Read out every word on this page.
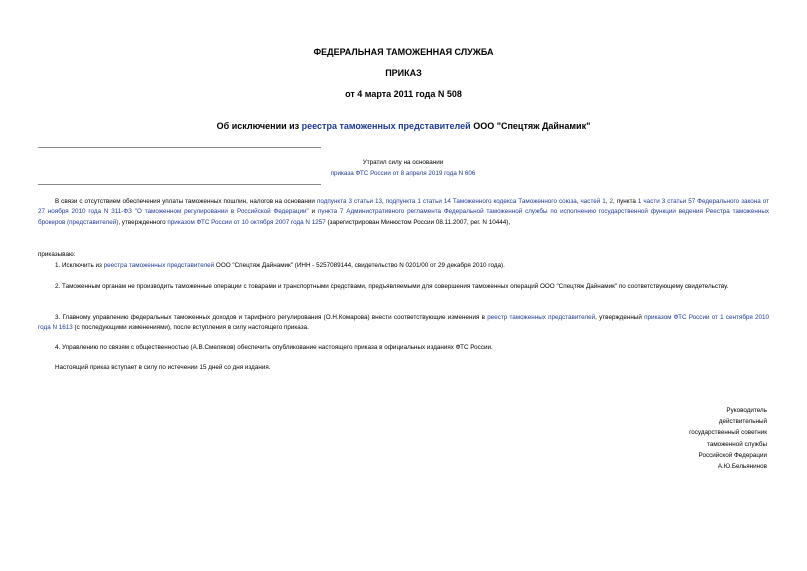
ФЕДЕРАЛЬНАЯ ТАМОЖЕННАЯ СЛУЖБА
ПРИКАЗ
от 4 марта 2011 года N 508
Об исключении из реестра таможенных представителей ООО "Спецтяж Дайнамик"
Утратил силу на основании
приказа ФТС России от 8 апреля 2019 года N 606
В связи с отсутствием обеспечения уплаты таможенных пошлин, налогов на основании подпункта 3 статьи 13, подпункта 1 статьи 14 Таможенного кодекса Таможенного союза, частей 1, 2, пункта 1 части 3 статьи 57 Федерального закона от 27 ноября 2010 года N 311-ФЗ "О таможенном регулировании в Российской Федерации" и пункта 7 Административного регламента Федеральной таможенной службы по исполнению государственной функции ведения Реестра таможенных брокеров (представителей), утвержденного приказом ФТС России от 10 октября 2007 года N 1257 (зарегистрирован Минюстом России 08.11.2007, рег. N 10444),
приказываю:
1. Исключить из реестра таможенных представителей ООО "Спецтяж Дайнамик" (ИНН - 5257089144, свидетельство N 0201/00 от 29 декабря 2010 года).
2. Таможенным органам не производить таможенные операции с товарами и транспортными средствами, предъявляемыми для совершения таможенных операций ООО "Спецтяж Дайнамик" по соответствующему свидетельству.
3. Главному управлению федеральных таможенных доходов и тарифного регулирования (О.Н.Комарова) внести соответствующие изменения в реестр таможенных представителей, утвержденный приказом ФТС России от 1 сентября 2010 года N 1613 (с последующими изменениями), после вступления в силу настоящего приказа.
4. Управлению по связям с общественностью (А.В.Смеляков) обеспечить опубликование настоящего приказа в официальных изданиях ФТС России.
Настоящий приказ вступает в силу по истечении 15 дней со дня издания.
Руководитель
действительный
государственный советник
таможенной службы
Российской Федерации
А.Ю.Бельянинов
